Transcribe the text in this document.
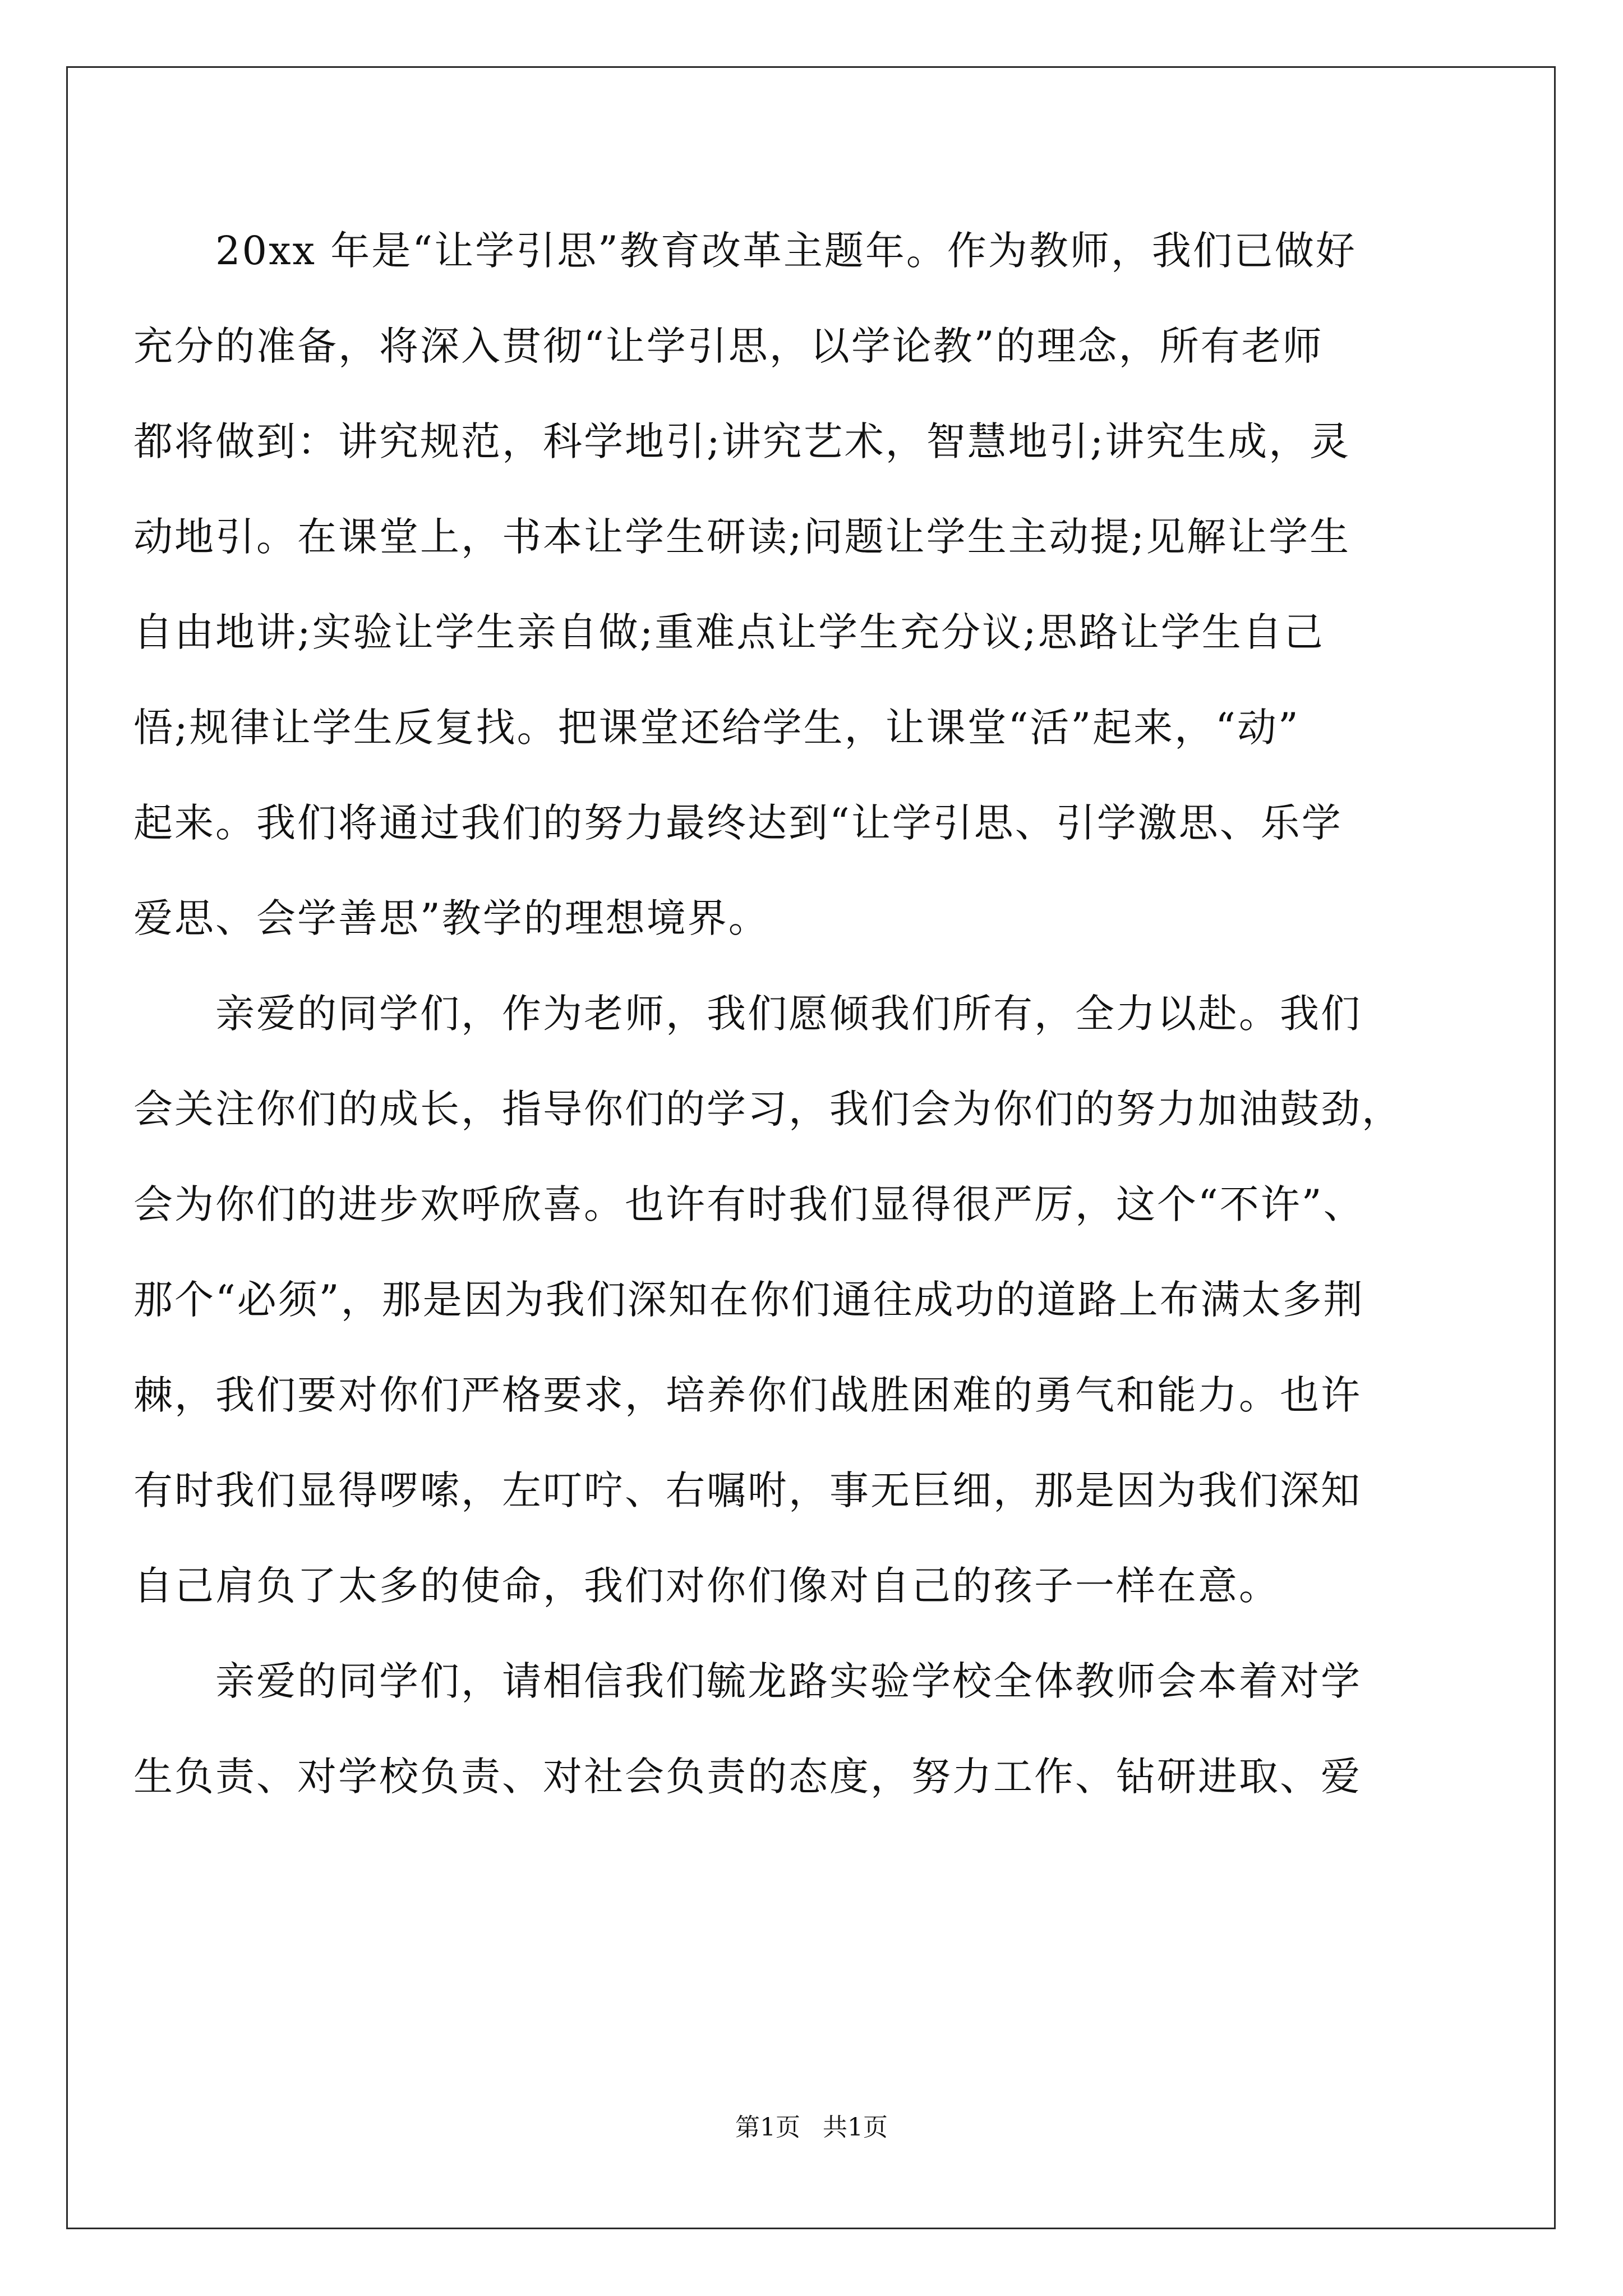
20xx 年是“让学引思”教育改革主题年。作为教师，我们已做好
充分的准备，将深入贯彻“让学引思，以学论教”的理念，所有老师
都将做到：讲究规范，科学地引;讲究艺术，智慧地引;讲究生成，灵
动地引。在课堂上，书本让学生研读;问题让学生主动提;见解让学生
自由地讲;实验让学生亲自做;重难点让学生充分议;思路让学生自己
悟;规律让学生反复找。把课堂还给学生，让课堂“活”起来，“动”
起来。我们将通过我们的努力最终达到“让学引思、引学激思、乐学
爱思、会学善思”教学的理想境界。
亲爱的同学们，作为老师，我们愿倾我们所有，全力以赴。我们
会关注你们的成长，指导你们的学习，我们会为你们的努力加油鼓劲，
会为你们的进步欢呼欣喜。也许有时我们显得很严厉，这个“不许”、
那个“必须”，那是因为我们深知在你们通往成功的道路上布满太多荆
棘，我们要对你们严格要求，培养你们战胜困难的勇气和能力。也许
有时我们显得啰嗦，左叮咛、右嘱咐，事无巨细，那是因为我们深知
自己肩负了太多的使命，我们对你们像对自己的孩子一样在意。
亲爱的同学们，请相信我们毓龙路实验学校全体教师会本着对学
生负责、对学校负责、对社会负责的态度，努力工作、钻研进取、爱
第1页 共1页
